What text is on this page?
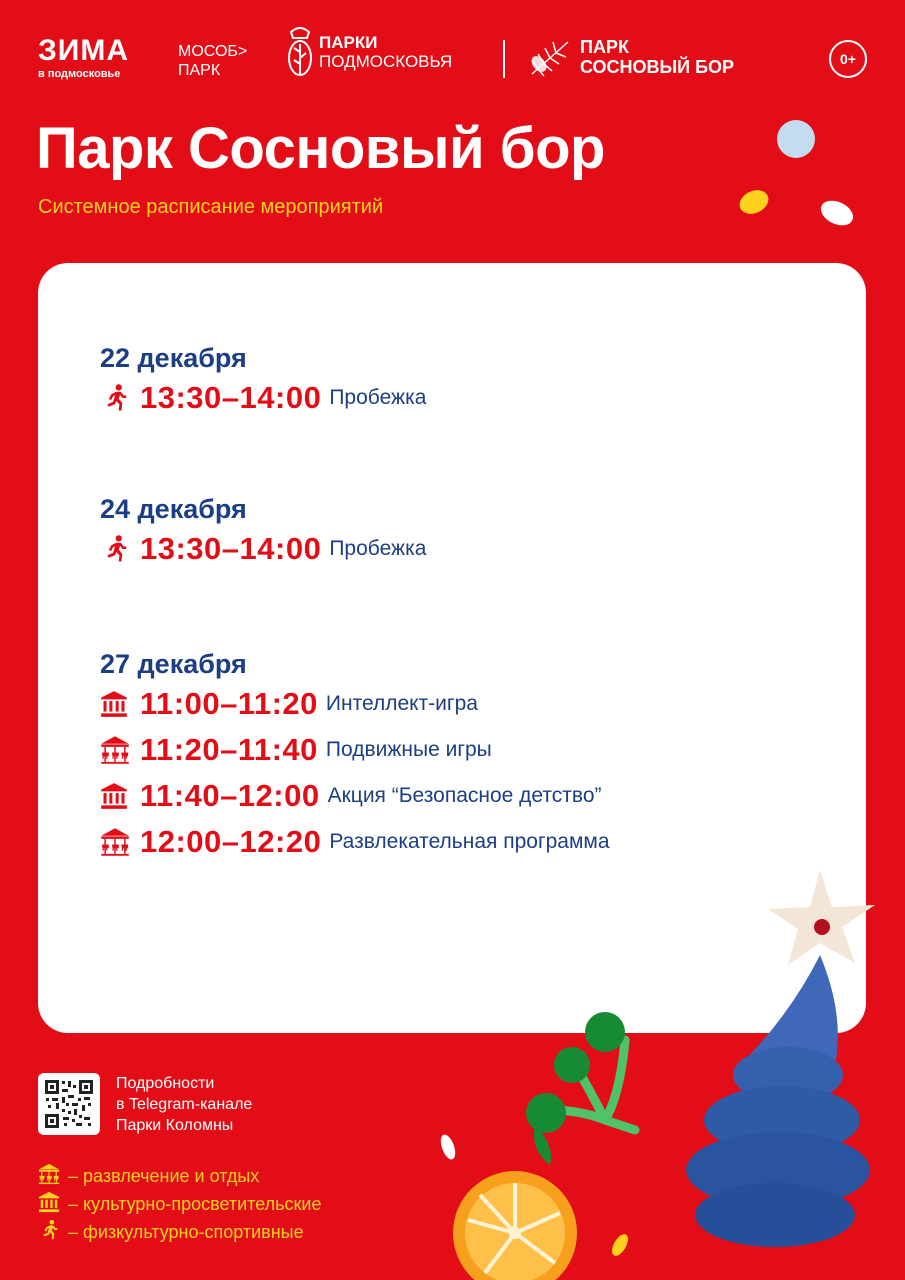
ЗИМА
в подмосковье
МОСОБ>
ПАРК
ПАРКИ
ПОДМОСКОВЬЯ
ПАРК
СОСНОВЫЙ БОР	0+
Парк Сосновый бор
Системное расписание мероприятий
22 декабря
13:30–14:00 Пробежка
24 декабря
13:30–14:00 Пробежка
27 декабря
11:00–11:20 Интеллект-игра
11:20–11:40 Подвижные игры
11:40–12:00 Акция “Безопасное детство”
12:00–12:20 Развлекательная программа
Подробности
в Telegram-канале
Парки Коломны
– развлечение и отдых
– культурно-просветительские
– физкультурно-спортивные
